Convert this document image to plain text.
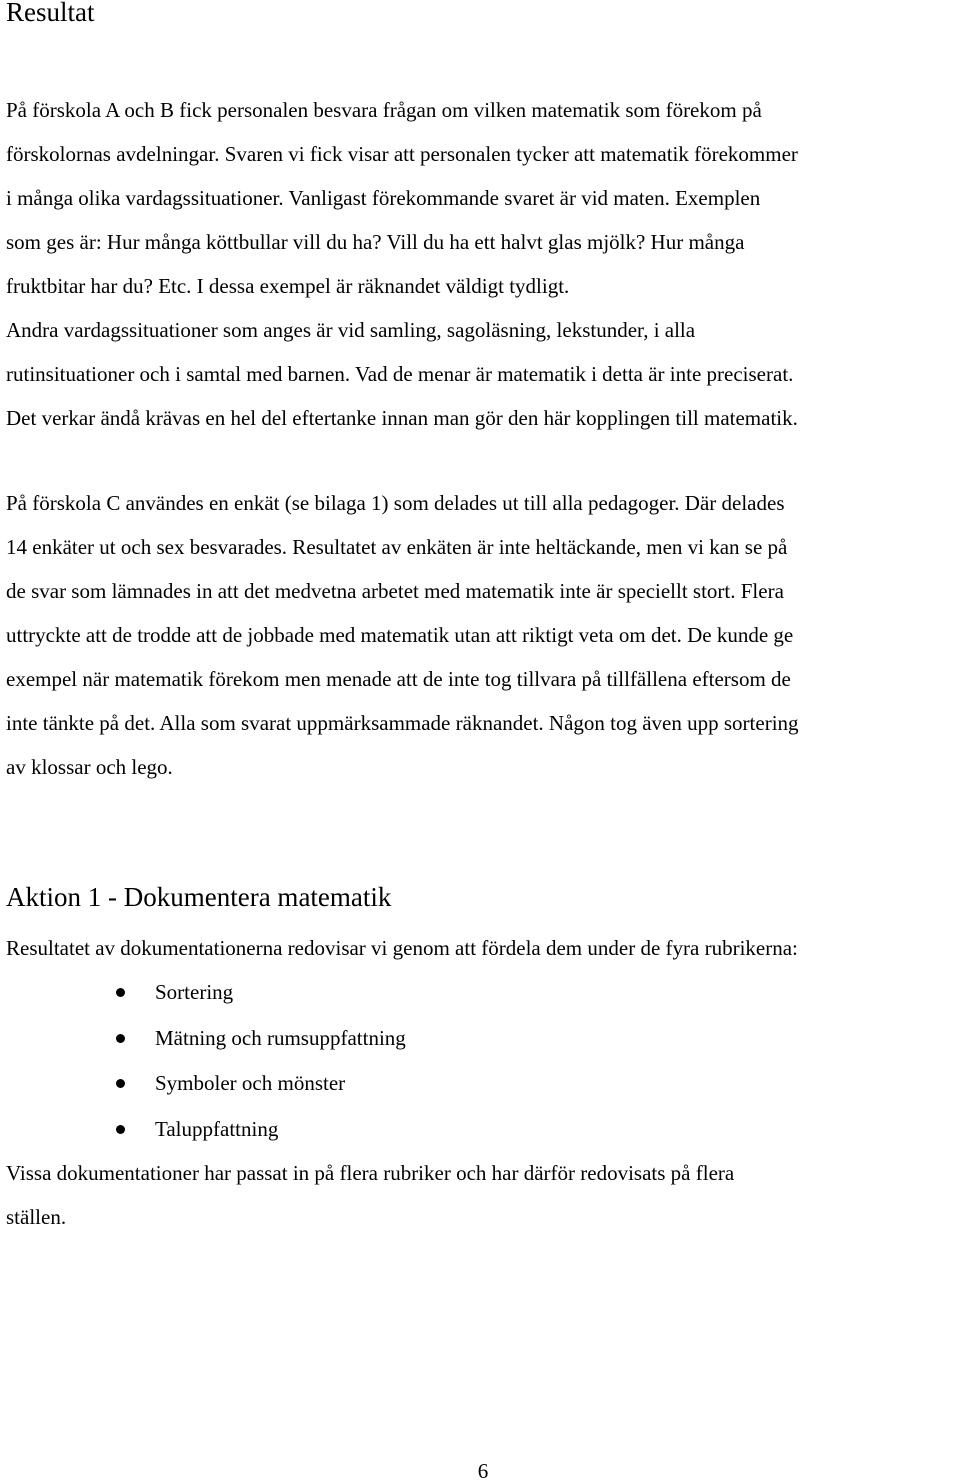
Resultat

På förskola A och B fick personalen besvara frågan om vilken matematik som förekom på
förskolornas avdelningar. Svaren vi fick visar att personalen tycker att matematik förekommer
i många olika vardagssituationer. Vanligast förekommande svaret är vid maten. Exemplen
som ges är: Hur många köttbullar vill du ha? Vill du ha ett halvt glas mjölk? Hur många
fruktbitar har du? Etc. I dessa exempel är räknandet väldigt tydligt.
Andra vardagssituationer som anges är vid samling, sagoläsning, lekstunder, i alla
rutinsituationer och i samtal med barnen. Vad de menar är matematik i detta är inte preciserat.
Det verkar ändå krävas en hel del eftertanke innan man gör den här kopplingen till matematik.

På förskola C användes en enkät (se bilaga 1) som delades ut till alla pedagoger. Där delades
14 enkäter ut och sex besvarades. Resultatet av enkäten är inte heltäckande, men vi kan se på
de svar som lämnades in att det medvetna arbetet med matematik inte är speciellt stort. Flera
uttryckte att de trodde att de jobbade med matematik utan att riktigt veta om det. De kunde ge
exempel när matematik förekom men menade att de inte tog tillvara på tillfällena eftersom de
inte tänkte på det. Alla som svarat uppmärksammade räknandet. Någon tog även upp sortering
av klossar och lego.

Aktion 1 - Dokumentera matematik

Resultatet av dokumentationerna redovisar vi genom att fördela dem under de fyra rubrikerna:

Sortering
Mätning och rumsuppfattning
Symboler och mönster
Taluppfattning

Vissa dokumentationer har passat in på flera rubriker och har därför redovisats på flera
ställen.

6
